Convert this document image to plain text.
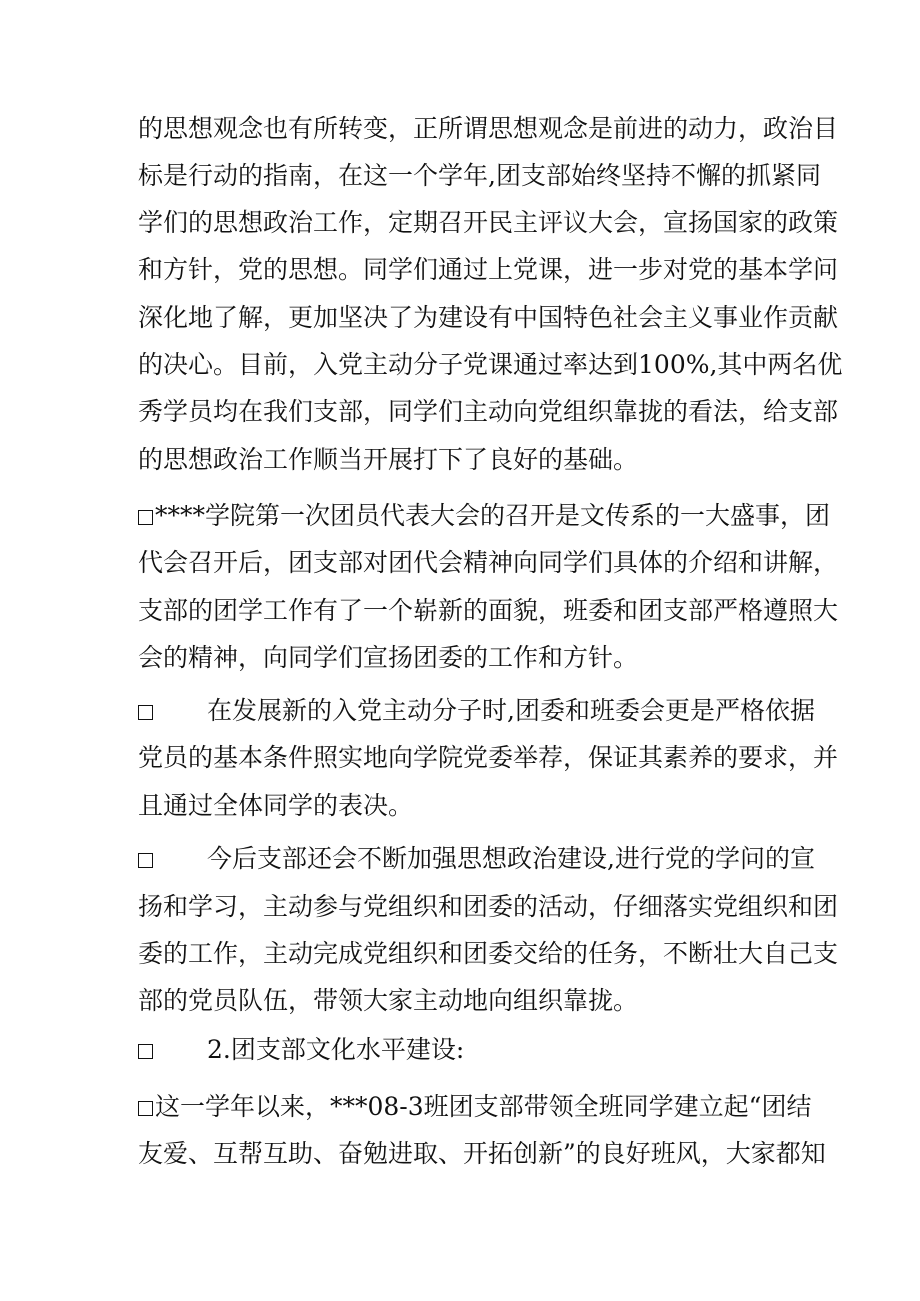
的思想观念也有所转变，正所谓思想观念是前进的动力，政治目
标是行动的指南，在这一个学年,团支部始终坚持不懈的抓紧同
学们的思想政治工作，定期召开民主评议大会，宣扬国家的政策
和方针，党的思想。同学们通过上党课，进一步对党的基本学问
深化地了解，更加坚决了为建设有中国特色社会主义事业作贡献
的决心。目前，入党主动分子党课通过率达到100%,其中两名优
秀学员均在我们支部，同学们主动向党组织靠拢的看法，给支部
的思想政治工作顺当开展打下了良好的基础。
****学院第一次团员代表大会的召开是文传系的一大盛事，团
代会召开后，团支部对团代会精神向同学们具体的介绍和讲解，
支部的团学工作有了一个崭新的面貌，班委和团支部严格遵照大
会的精神，向同学们宣扬团委的工作和方针。
在发展新的入党主动分子时,团委和班委会更是严格依据
党员的基本条件照实地向学院党委举荐，保证其素养的要求，并
且通过全体同学的表决。
今后支部还会不断加强思想政治建设,进行党的学问的宣
扬和学习，主动参与党组织和团委的活动，仔细落实党组织和团
委的工作，主动完成党组织和团委交给的任务，不断壮大自己支
部的党员队伍，带领大家主动地向组织靠拢。
2.团支部文化水平建设:
这一学年以来，***08-3班团支部带领全班同学建立起“团结
友爱、互帮互助、奋勉进取、开拓创新”的良好班风，大家都知
